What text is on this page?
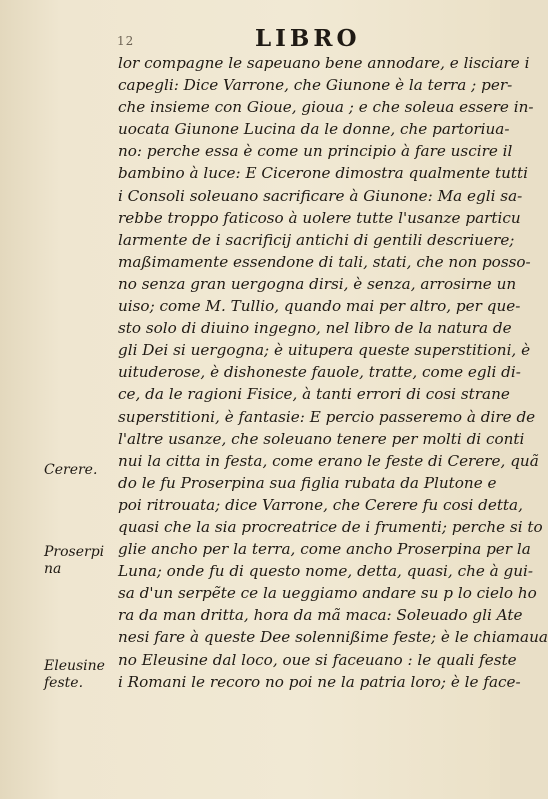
12	LIBRO
lor compagne le sapeuano bene annodare, e lisciare i
capegli: Dice Varrone, che Giunone è la terra ; per-
che insieme con Gioue, gioua ; e che soleua essere in-
uocata Giunone Lucina da le donne, che partoriua-
no: perche essa è come un principio à fare uscire il
bambino à luce: E Cicerone dimostra qualmente tutti
i Consoli soleuano sacrificare à Giunone: Ma egli sa-
rebbe troppo faticoso à uolere tutte l'usanze particu
larmente de i sacrificij antichi di gentili descriuere;
maßimamente essendone di tali, stati, che non posso-
no senza gran uergogna dirsi, è senza, arrosirne un
uiso; come M. Tullio, quando mai per altro, per que-
sto solo di diuino ingegno, nel libro de la natura de
gli Dei si uergogna; è uitupera queste superstitioni, è
uituderose, è dishoneste fauole, tratte, come egli di-
ce, da le ragioni Fisice, à tanti errori di cosi strane
superstitioni, è fantasie: E percio passeremo à dire de
l'altre usanze, che soleuano tenere per molti di conti
nui la citta in festa, come erano le feste di Cerere, quã
do le fu Proserpina sua figlia rubata da Plutone e
poi ritrouata; dice Varrone, che Cerere fu cosi detta,
quasi che la sia procreatrice de i frumenti; perche si to
glie ancho per la terra, come ancho Proserpina per la
Luna; onde fu di questo nome, detta, quasi, che à gui-
sa d'un serpẽte ce la ueggiamo andare su p lo cielo ho
ra da man dritta, hora da mã maca: Soleuado gli Ate
nesi fare à queste Dee solennißime feste; è le chiamaua
no Eleusine dal loco, oue si faceuano : le quali feste
i Romani le recoro no poi ne la patria loro; è le face-
Cerere.
Proserpi na
Eleusine feste.
